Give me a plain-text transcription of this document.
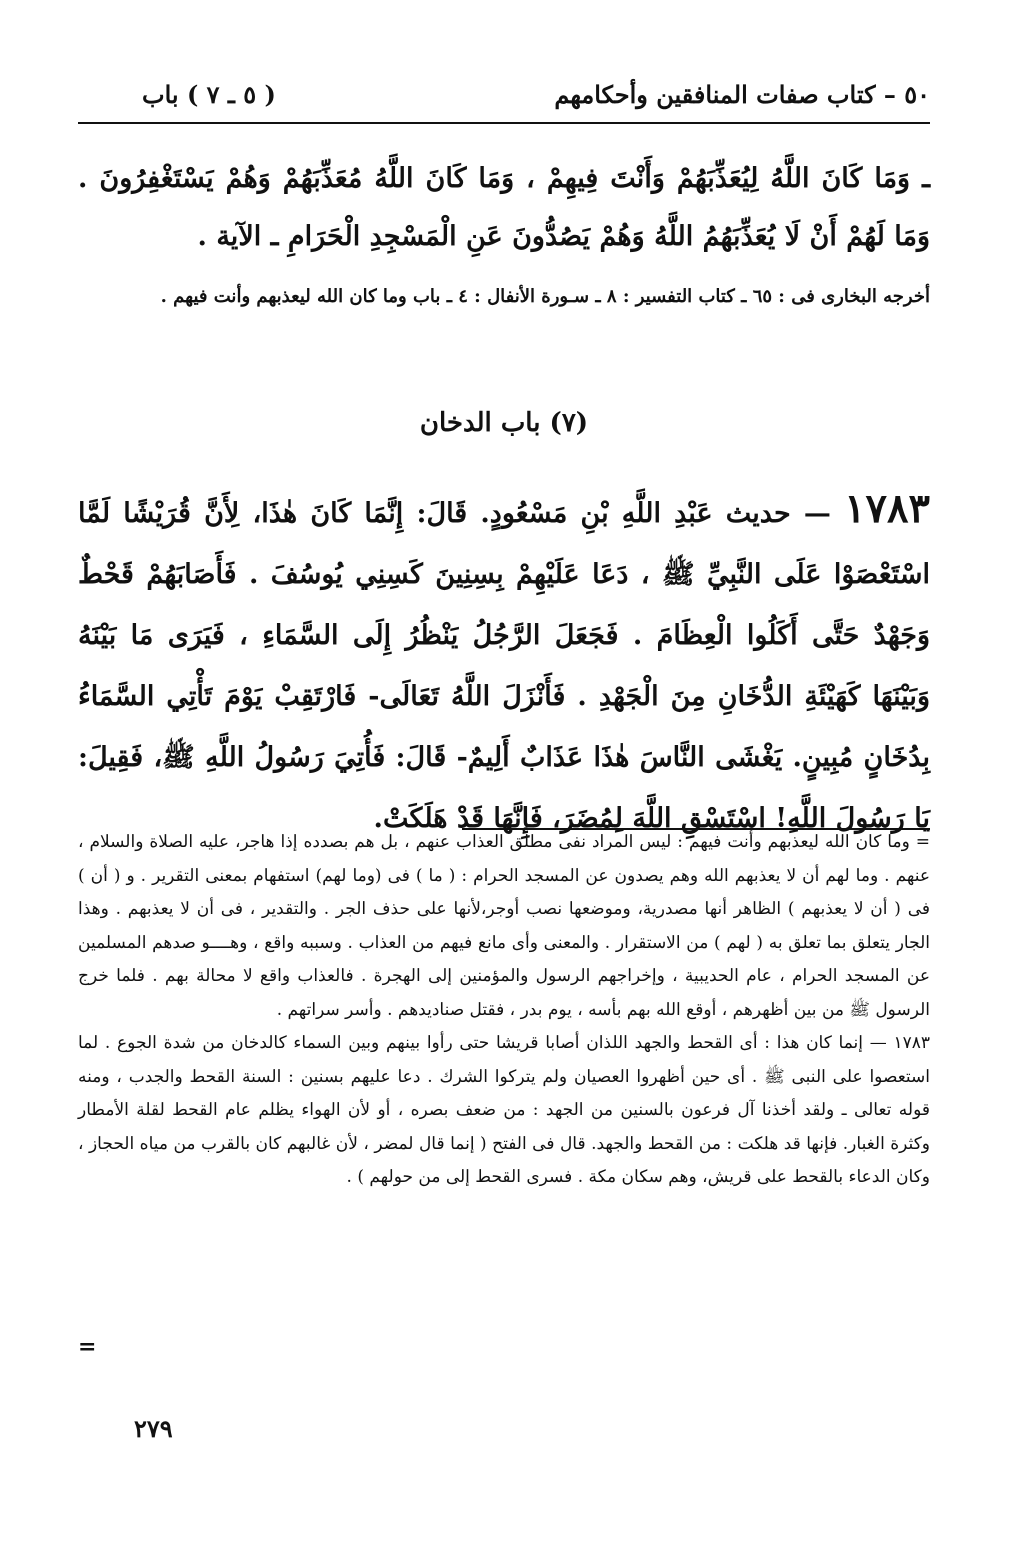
( ٥ ـ ٧ ) باب	٥٠ – كتاب صفات المنافقين وأحكامهم
ـ وَمَا كَانَ اللَّهُ لِيُعَذِّبَهُمْ وَأَنْتَ فِيهِمْ ، وَمَا كَانَ اللَّهُ مُعَذِّبَهُمْ وَهُمْ يَسْتَغْفِرُونَ . وَمَا لَهُمْ أَنْ لَا يُعَذِّبَهُمُ اللَّهُ وَهُمْ يَصُدُّونَ عَنِ الْمَسْجِدِ الْحَرَامِ ـ الآية .
أخرجه البخارى فى : ٦٥ ـ كتاب التفسير : ٨ ـ سـورة الأنفال : ٤ ـ باب وما كان الله ليعذبهم وأنت فيهم .
(٧) باب الدخان
١٧٨٣ — حديث عَبْدِ اللَّهِ بْنِ مَسْعُودٍ. قَالَ: إِنَّمَا كَانَ هٰذَا، لِأَنَّ قُرَيْشًا لَمَّا اسْتَعْصَوْا عَلَى النَّبِيِّ ﷺ ، دَعَا عَلَيْهِمْ بِسِنِينَ كَسِنِي يُوسُفَ . فَأَصَابَهُمْ قَحْطٌ وَجَهْدٌ حَتَّى أَكَلُوا الْعِظَامَ . فَجَعَلَ الرَّجُلُ يَنْظُرُ إِلَى السَّمَاءِ ، فَيَرَى مَا بَيْنَهُ وَبَيْنَهَا كَهَيْئَةِ الدُّخَانِ مِنَ الْجَهْدِ . فَأَنْزَلَ اللَّهُ تَعَالَى- فَارْتَقِبْ يَوْمَ تَأْتِي السَّمَاءُ بِدُخَانٍ مُبِينٍ. يَغْشَى النَّاسَ هٰذَا عَذَابٌ أَلِيمٌ- قَالَ: فَأُتِيَ رَسُولُ اللَّهِ ﷺ، فَقِيلَ: يَا رَسُولَ اللَّهِ! اسْتَسْقِ اللَّهَ لِمُضَرَ، فَإِنَّهَا قَدْ هَلَكَتْ.

= وما كان الله ليعذبهم وأنت فيهم : ليس المراد نفى مطلق العذاب عنهم ، بل هم بصدده إذا هاجر، عليه الصلاة والسلام ، عنهم . وما لهم أن لا يعذبهم الله وهم يصدون عن المسجد الحرام : ( ما ) فى (وما لهم) استفهام بمعنى التقرير . و ( أن ) فى ( أن لا يعذبهم ) الظاهر أنها مصدرية، وموضعها نصب أوجر،لأنها على حذف الجر . والتقدير ، فى أن لا يعذبهم . وهذا الجار يتعلق بما تعلق به ( لهم ) من الاستقرار . والمعنى وأى مانع فيهم من العذاب . وسببه واقع ، وهــــو صدهم المسلمين عن المسجد الحرام ، عام الحديبية ، وإخراجهم الرسول والمؤمنين إلى الهجرة . فالعذاب واقع لا محالة بهم . فلما خرج الرسول ﷺ من بين أظهرهم ، أوقع الله بهم بأسه ، يوم بدر ، فقتل صناديدهم . وأسر سراتهم .

١٧٨٣ — إنما كان هذا : أى القحط والجهد اللذان أصابا قريشا حتى رأوا بينهم وبين السماء كالدخان من شدة الجوع . لما استعصوا على النبى ﷺ . أى حين أظهروا العصيان ولم يتركوا الشرك . دعا عليهم بسنين : السنة القحط والجدب ، ومنه قوله تعالى ـ ولقد أخذنا آل فرعون بالسنين من الجهد : من ضعف بصره ، أو لأن الهواء يظلم عام القحط لقلة الأمطار وكثرة الغبار. فإنها قد هلكت : من القحط والجهد. قال فى الفتح ( إنما قال لمضر ، لأن غالبهم كان بالقرب من مياه الحجاز ، وكان الدعاء بالقحط على قريش، وهم سكان مكة . فسرى القحط إلى من حولهم ) .

=
٢٧٩
